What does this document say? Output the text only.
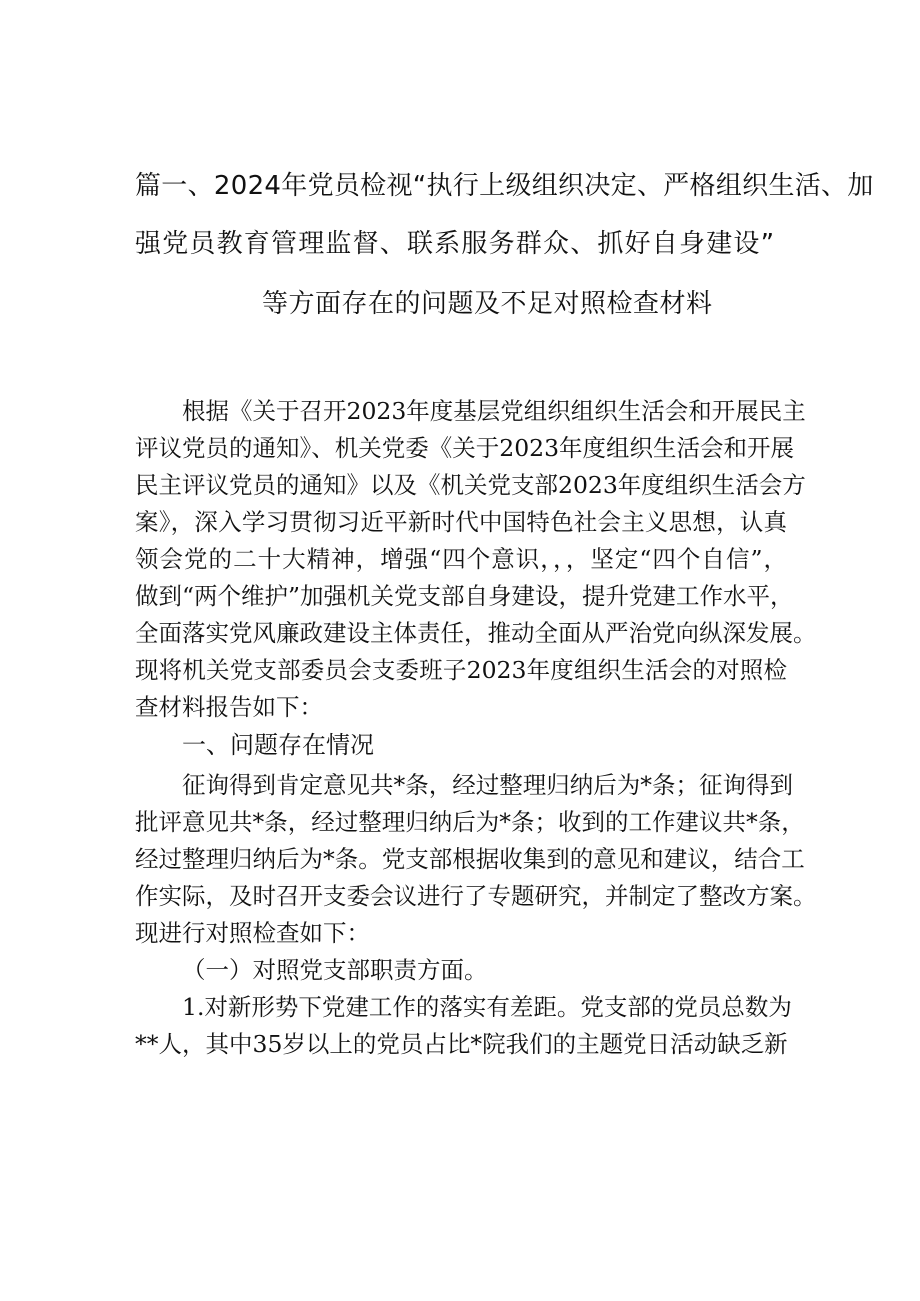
篇一、2024年党员检视“执行上级组织决定、严格组织生活、加
强党员教育管理监督、联系服务群众、抓好自身建设”
等方面存在的问题及不足对照检查材料
根据《关于召开2023年度基层党组织组织生活会和开展民主
评议党员的通知》、机关党委《关于2023年度组织生活会和开展
民主评议党员的通知》以及《机关党支部2023年度组织生活会方
案》，深入学习贯彻习近平新时代中国特色社会主义思想，认真
领会党的二十大精神，增强“四个意识，，，坚定“四个自信”，
做到“两个维护”加强机关党支部自身建设，提升党建工作水平，
全面落实党风廉政建设主体责任，推动全面从严治党向纵深发展。
现将机关党支部委员会支委班子2023年度组织生活会的对照检
查材料报告如下：
一、问题存在情况
征询得到肯定意见共*条，经过整理归纳后为*条；征询得到
批评意见共*条，经过整理归纳后为*条；收到的工作建议共*条，
经过整理归纳后为*条。党支部根据收集到的意见和建议，结合工
作实际，及时召开支委会议进行了专题研究，并制定了整改方案。
现进行对照检查如下：
（一）对照党支部职责方面。
1.对新形势下党建工作的落实有差距。党支部的党员总数为
**人，其中35岁以上的党员占比*院我们的主题党日活动缺乏新
